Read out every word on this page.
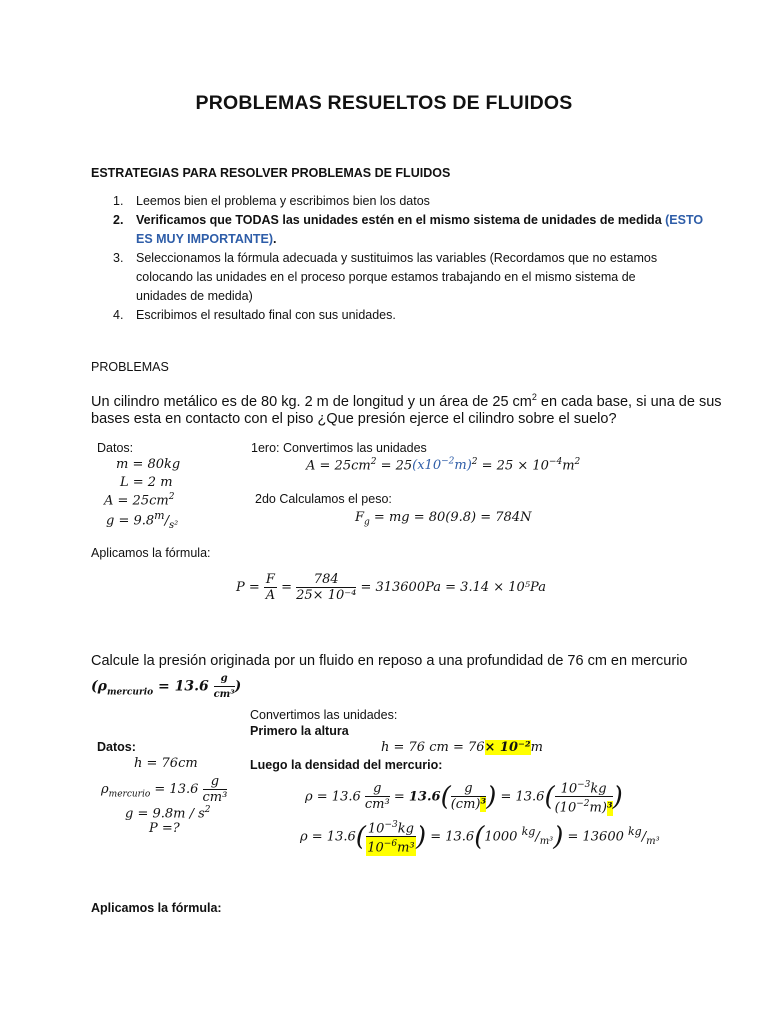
PROBLEMAS RESUELTOS DE FLUIDOS
ESTRATEGIAS PARA RESOLVER PROBLEMAS DE FLUIDOS
1. Leemos bien el problema y escribimos bien los datos
2. Verificamos que TODAS las unidades estén en el mismo sistema de unidades de medida (ESTO
ES MUY IMPORTANTE).
3. Seleccionamos la fórmula adecuada y sustituimos las variables (Recordamos que no estamos
colocando las unidades en el proceso porque estamos trabajando en el mismo sistema de
unidades de medida)
4. Escribimos el resultado final con sus unidades.
PROBLEMAS
Un cilindro metálico es de 80 kg. 2 m de longitud y un área de 25 $cm^2$ en cada base, si una de sus
bases esta en contacto con el piso ¿Que presión ejerce el cilindro sobre el suelo?
Datos:
m = 80kg
L = 2 m
$A = 25cm^2$
$g = 9.8^m/_{s^2}$
1ero: Convertimos las unidades
$A = 25cm^2 = 25(x10^{-2}m)^2 = 25 \times 10^{-4}m^2$
2do Calculamos el peso:
$F_g$ = mg = 80(9.8) = 784N
Aplicamos la fórmula:
$P = \frac{F}{A} = \frac{784}{\text{25× 10⁻⁴}} = 313600Pa = 3.14 \times 10^5Pa$
Calcule la presión originada por un fluido en reposo a una profundidad de 76 cm en mercurio
($\rho_{mercurio} = 13.6 \frac{g}{\text{cm³}}$ )
Convertimos las unidades:
Primero la altura
h = 76 cm = 76× 10⁻²m
Datos:
h = 76cm
$\rho_{mercurio} = 13.6 \frac{g}{\text{cm³}}$
$g = 9.8m / s^2$
P =?
Luego la densidad del mercurio:
$\rho = 13.6 \frac{g}{\text{cm³}} = 13.6( \frac{g}{\text{(cm)³}}$ ) = $13.6( \frac{10^{-3}kg}{(10^{-2}m)^3}$ )
$\rho = 13.6( \frac{10^{-3}kg}{10^{-6}m^3}$ ) = 13.6(1000 $^{kg}/_{m^3}) = 13600$ $^{kg}/_{m^3}$
Aplicamos la fórmula:
